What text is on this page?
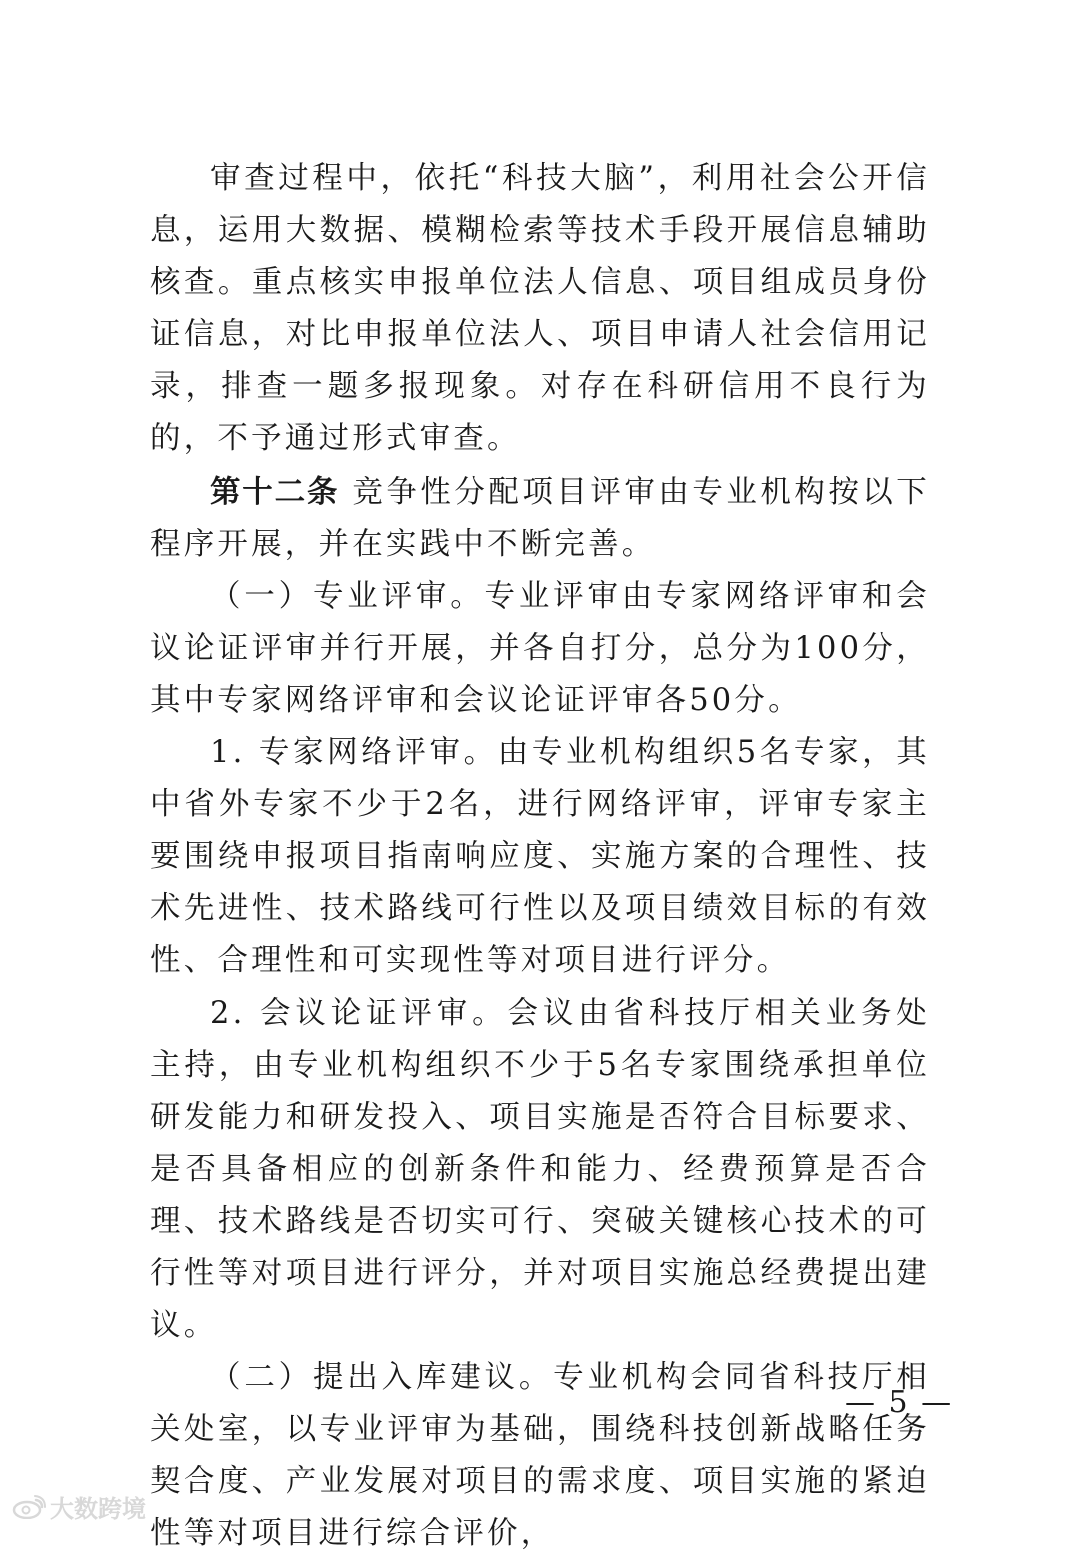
审查过程中，依托“科技大脑”，利用社会公开信息，运用大数据、模糊检索等技术手段开展信息辅助核查。重点核实申报单位法人信息、项目组成员身份证信息，对比申报单位法人、项目申请人社会信用记录，排查一题多报现象。对存在科研信用不良行为的，不予通过形式审查。

第十二条 竞争性分配项目评审由专业机构按以下程序开展，并在实践中不断完善。

（一）专业评审。专业评审由专家网络评审和会议论证评审并行开展，并各自打分，总分为100分，其中专家网络评审和会议论证评审各50分。

1. 专家网络评审。由专业机构组织5名专家，其中省外专家不少于2名，进行网络评审，评审专家主要围绕申报项目指南响应度、实施方案的合理性、技术先进性、技术路线可行性以及项目绩效目标的有效性、合理性和可实现性等对项目进行评分。

2. 会议论证评审。会议由省科技厅相关业务处主持，由专业机构组织不少于5名专家围绕承担单位研发能力和研发投入、项目实施是否符合目标要求、是否具备相应的创新条件和能力、经费预算是否合理、技术路线是否切实可行、突破关键核心技术的可行性等对项目进行评分，并对项目实施总经费提出建议。

（二）提出入库建议。专业机构会同省科技厅相关处室，以专业评审为基础，围绕科技创新战略任务契合度、产业发展对项目的需求度、项目实施的紧迫性等对项目进行综合评价，

— 5 —
大数跨境
